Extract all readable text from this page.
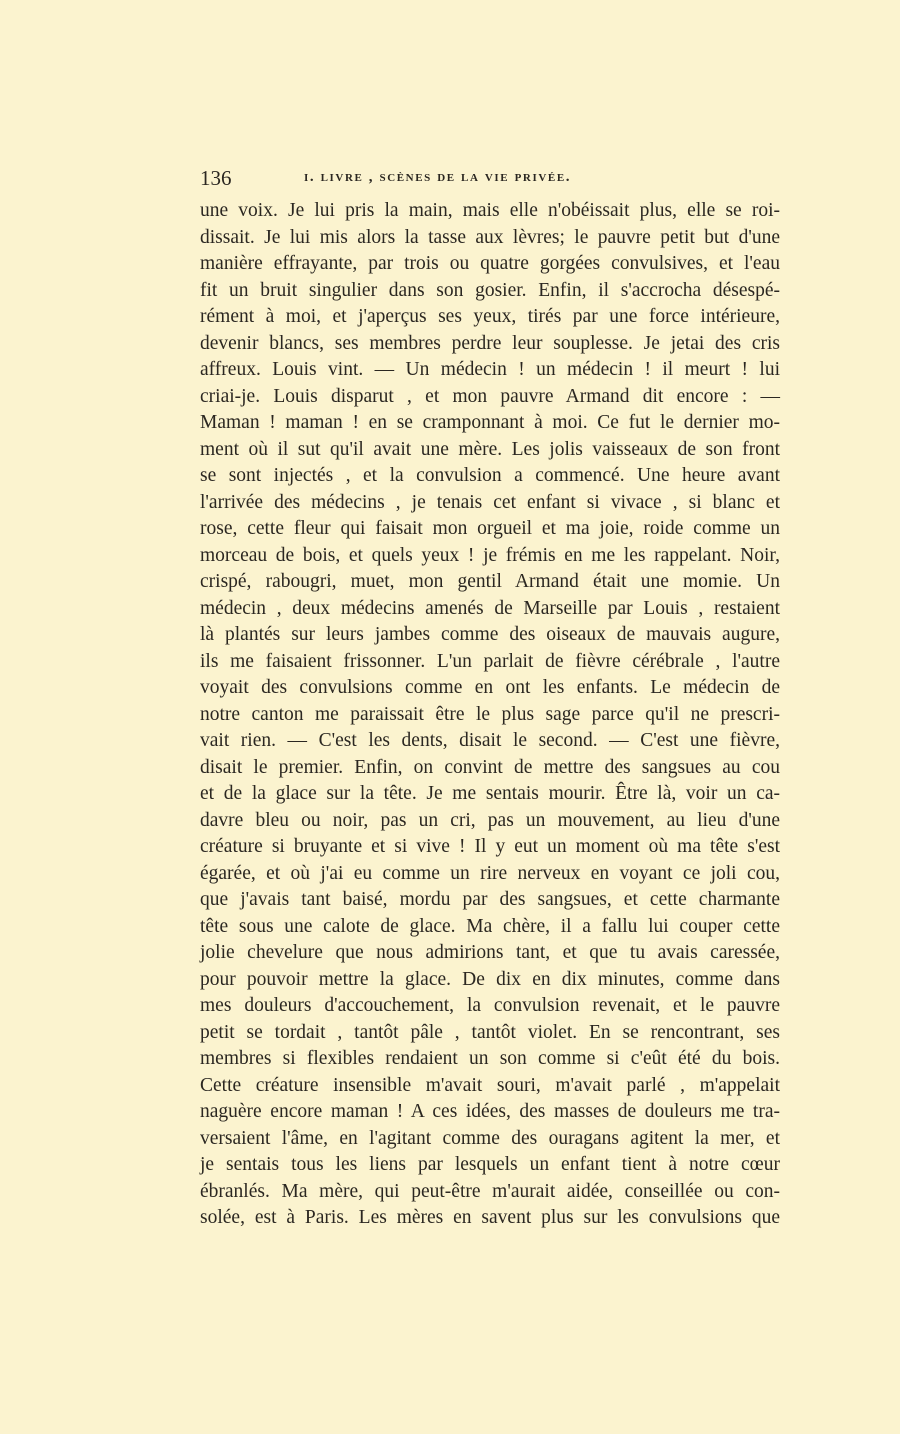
136	i. livre , scènes de la vie privée.
une voix. Je lui pris la main, mais elle n'obéissait plus, elle se roi-
dissait. Je lui mis alors la tasse aux lèvres; le pauvre petit but d'une
manière effrayante, par trois ou quatre gorgées convulsives, et l'eau
fit un bruit singulier dans son gosier. Enfin, il s'accrocha désespé-
rément à moi, et j'aperçus ses yeux, tirés par une force intérieure,
devenir blancs, ses membres perdre leur souplesse. Je jetai des cris
affreux. Louis vint. — Un médecin ! un médecin ! il meurt ! lui
criai-je. Louis disparut , et mon pauvre Armand dit encore : —
Maman ! maman ! en se cramponnant à moi. Ce fut le dernier mo-
ment où il sut qu'il avait une mère. Les jolis vaisseaux de son front
se sont injectés , et la convulsion a commencé. Une heure avant
l'arrivée des médecins , je tenais cet enfant si vivace , si blanc et
rose, cette fleur qui faisait mon orgueil et ma joie, roide comme un
morceau de bois, et quels yeux ! je frémis en me les rappelant. Noir,
crispé, rabougri, muet, mon gentil Armand était une momie. Un
médecin , deux médecins amenés de Marseille par Louis , restaient
là plantés sur leurs jambes comme des oiseaux de mauvais augure,
ils me faisaient frissonner. L'un parlait de fièvre cérébrale , l'autre
voyait des convulsions comme en ont les enfants. Le médecin de
notre canton me paraissait être le plus sage parce qu'il ne prescri-
vait rien. — C'est les dents, disait le second. — C'est une fièvre,
disait le premier. Enfin, on convint de mettre des sangsues au cou
et de la glace sur la tête. Je me sentais mourir. Être là, voir un ca-
davre bleu ou noir, pas un cri, pas un mouvement, au lieu d'une
créature si bruyante et si vive ! Il y eut un moment où ma tête s'est
égarée, et où j'ai eu comme un rire nerveux en voyant ce joli cou,
que j'avais tant baisé, mordu par des sangsues, et cette charmante
tête sous une calote de glace. Ma chère, il a fallu lui couper cette
jolie chevelure que nous admirions tant, et que tu avais caressée,
pour pouvoir mettre la glace. De dix en dix minutes, comme dans
mes douleurs d'accouchement, la convulsion revenait, et le pauvre
petit se tordait , tantôt pâle , tantôt violet. En se rencontrant, ses
membres si flexibles rendaient un son comme si c'eût été du bois.
Cette créature insensible m'avait souri, m'avait parlé , m'appelait
naguère encore maman ! A ces idées, des masses de douleurs me tra-
versaient l'âme, en l'agitant comme des ouragans agitent la mer, et
je sentais tous les liens par lesquels un enfant tient à notre cœur
ébranlés. Ma mère, qui peut-être m'aurait aidée, conseillée ou con-
solée, est à Paris. Les mères en savent plus sur les convulsions que
